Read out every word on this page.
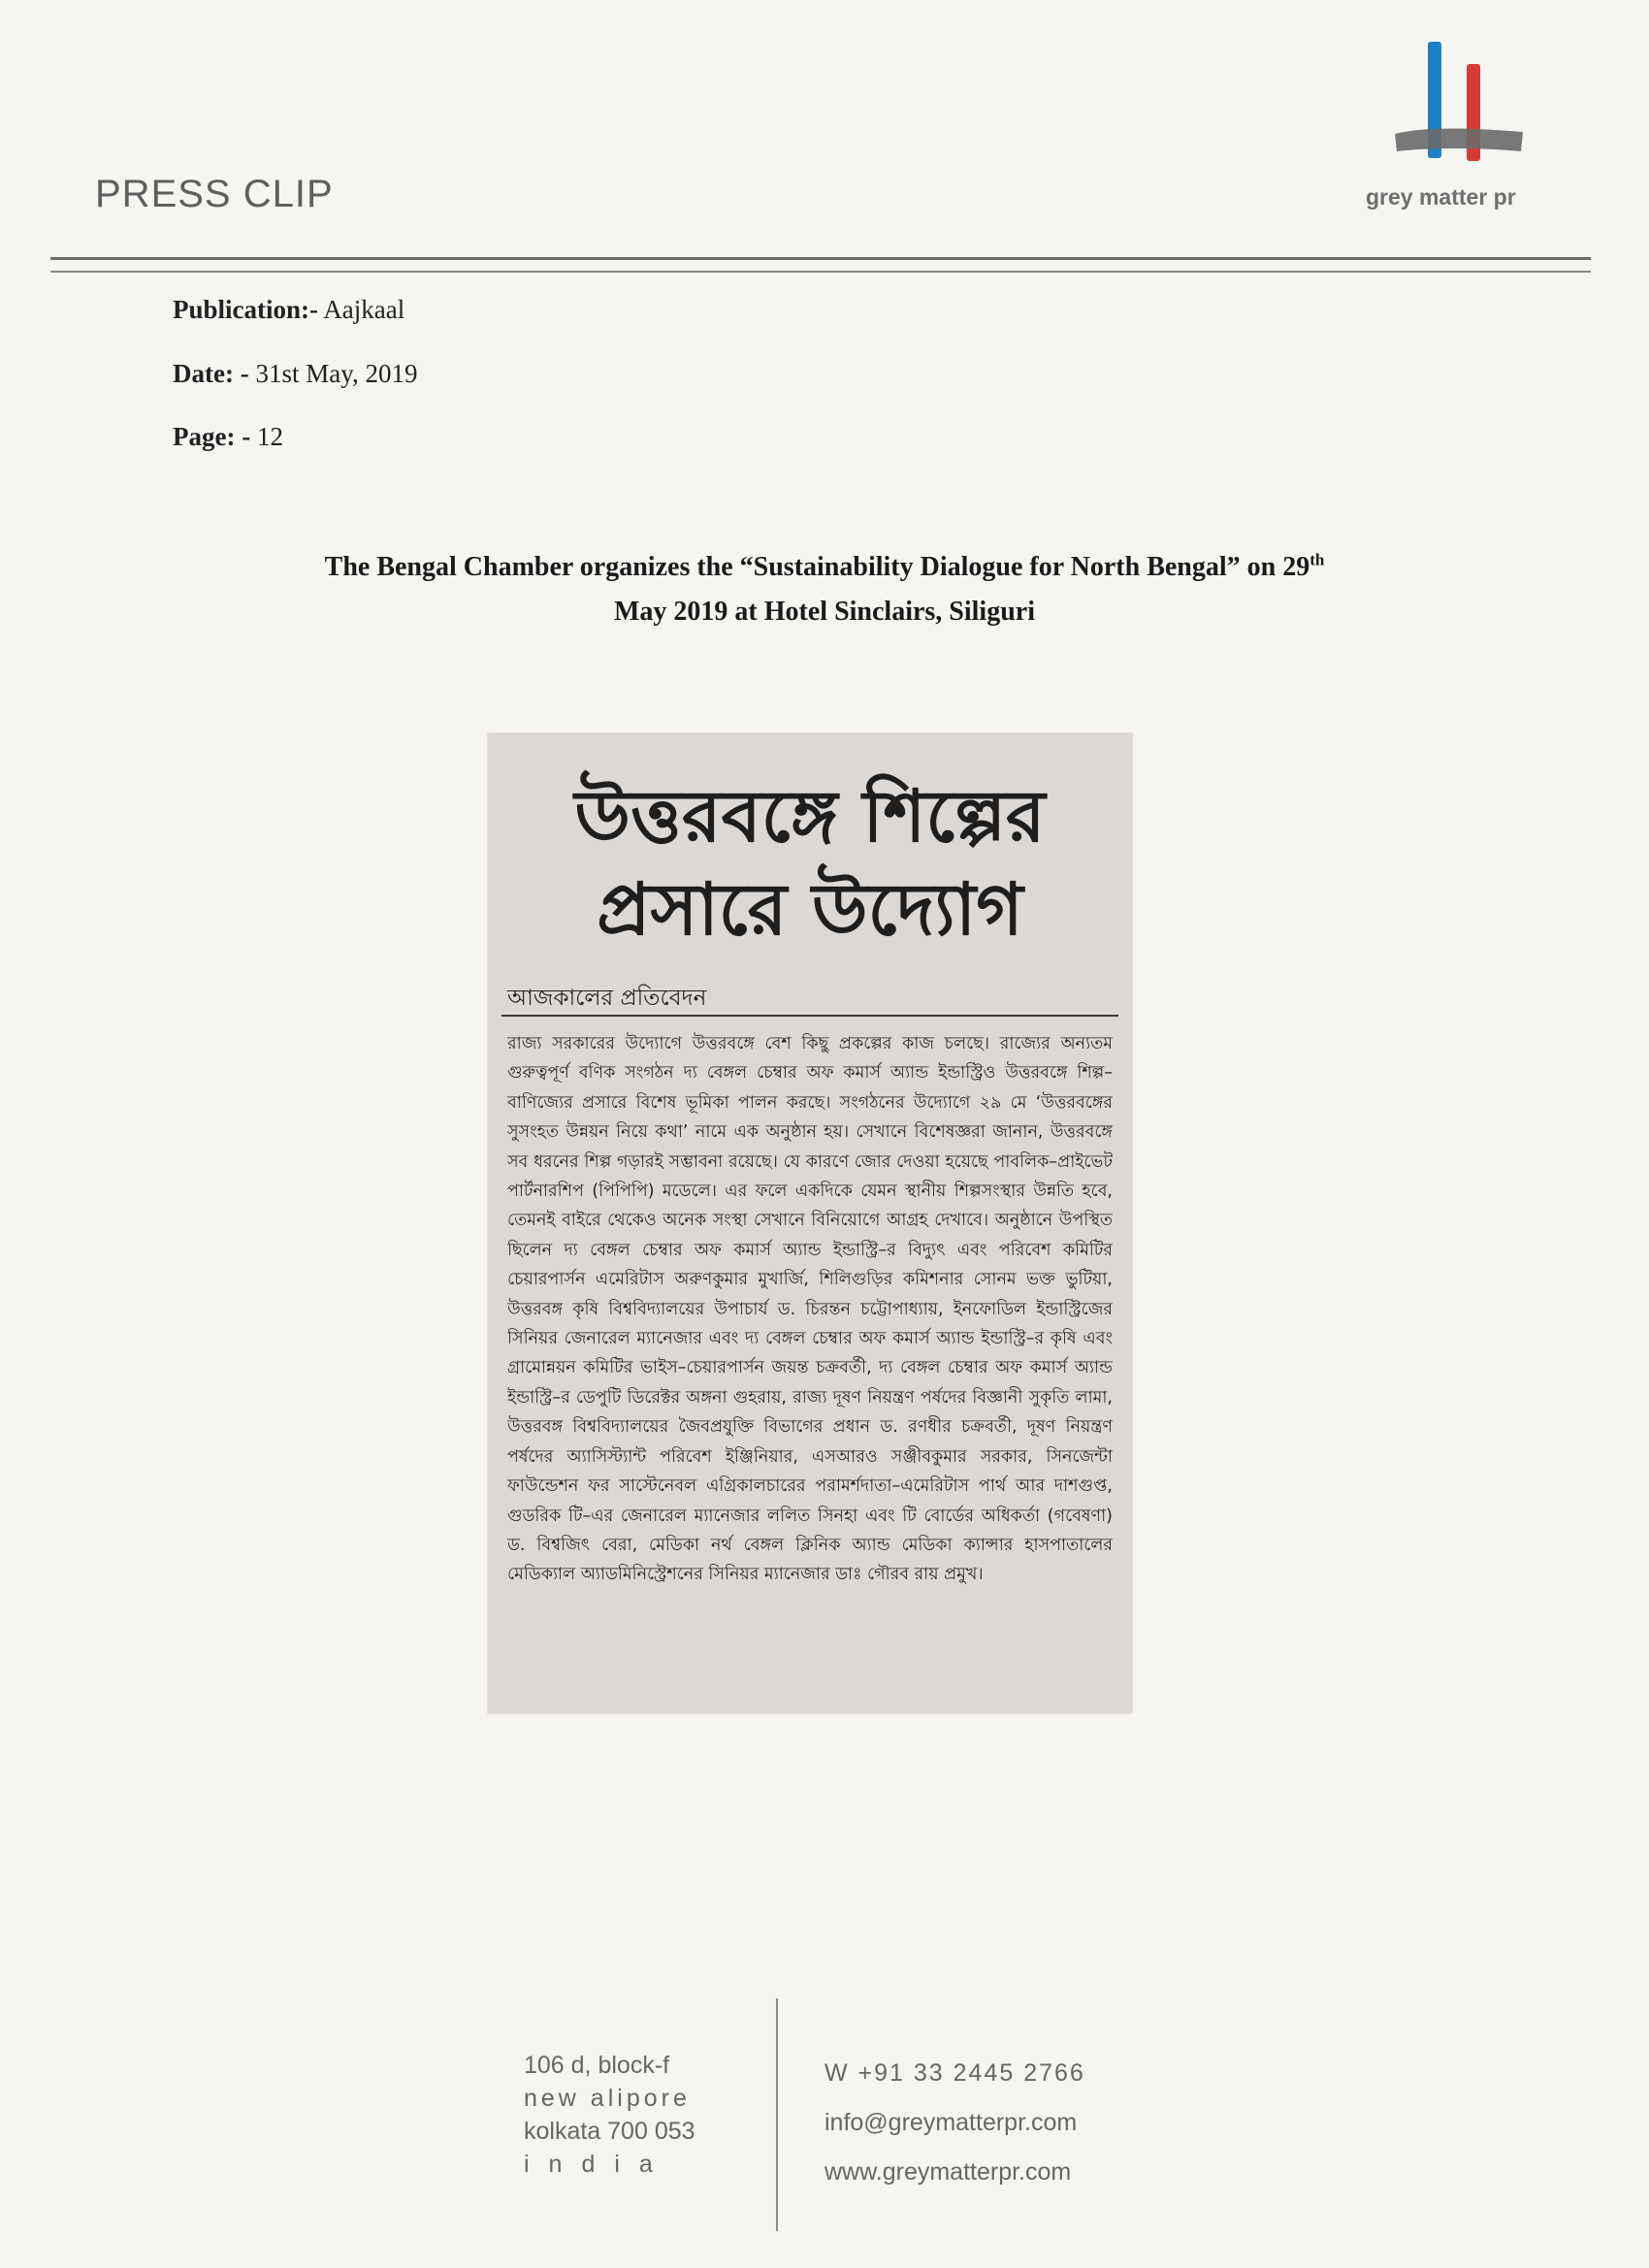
PRESS CLIP	grey matter pr
Publication:- Aajkaal
Date: - 31st May, 2019
Page: - 12
The Bengal Chamber organizes the “Sustainability Dialogue for North Bengal” on 29th
May 2019 at Hotel Sinclairs, Siliguri
উত্তরবঙ্গে শিল্পের
প্রসারে উদ্যোগ
আজকালের প্রতিবেদন
রাজ্য সরকারের উদ্যোগে উত্তরবঙ্গে বেশ কিছু প্রকল্পের কাজ চলছে। রাজ্যের অন্যতম গুরুত্বপূর্ণ বণিক সংগঠন দ্য বেঙ্গল চেম্বার অফ কমার্স অ্যান্ড ইন্ডাস্ট্রিও উত্তরবঙ্গে শিল্প–বাণিজ্যের প্রসারে বিশেষ ভূমিকা পালন করছে। সংগঠনের উদ্যোগে ২৯ মে ‘উত্তরবঙ্গের সুসংহত উন্নয়ন নিয়ে কথা’ নামে এক অনুষ্ঠান হয়। সেখানে বিশেষজ্ঞরা জানান, উত্তরবঙ্গে সব ধরনের শিল্প গড়ারই সম্ভাবনা রয়েছে। যে কারণে জোর দেওয়া হয়েছে পাবলিক–প্রাইভেট পার্টনারশিপ (পিপিপি) মডেলে। এর ফলে একদিকে যেমন স্থানীয় শিল্পসংস্থার উন্নতি হবে, তেমনই বাইরে থেকেও অনেক সংস্থা সেখানে বিনিয়োগে আগ্রহ দেখাবে। অনুষ্ঠানে উপস্থিত ছিলেন দ্য বেঙ্গল চেম্বার অফ কমার্স অ্যান্ড ইন্ডাস্ট্রি–র বিদ্যুৎ এবং পরিবেশ কমিটির চেয়ারপার্সন এমেরিটাস অরুণকুমার মুখার্জি, শিলিগুড়ির কমিশনার সোনম ভক্ত ভুটিয়া, উত্তরবঙ্গ কৃষি বিশ্ববিদ্যালয়ের উপাচার্য ড. চিরন্তন চট্টোপাধ্যায়, ইনফোডিল ইন্ডাস্ট্রিজের সিনিয়র জেনারেল ম্যানেজার এবং দ্য বেঙ্গল চেম্বার অফ কমার্স অ্যান্ড ইন্ডাস্ট্রি–র কৃষি এবং গ্রামোন্নয়ন কমিটির ভাইস–চেয়ারপার্সন জয়ন্ত চক্রবর্তী, দ্য বেঙ্গল চেম্বার অফ কমার্স অ্যান্ড ইন্ডাস্ট্রি–র ডেপুটি ডিরেক্টর অঙ্গনা গুহরায়, রাজ্য দূষণ নিয়ন্ত্রণ পর্ষদের বিজ্ঞানী সুকৃতি লামা, উত্তরবঙ্গ বিশ্ববিদ্যালয়ের জৈবপ্রযুক্তি বিভাগের প্রধান ড. রণধীর চক্রবর্তী, দূষণ নিয়ন্ত্রণ পর্ষদের অ্যাসিস্ট্যান্ট পরিবেশ ইঞ্জিনিয়ার, এসআরও সঞ্জীবকুমার সরকার, সিনজেন্টা ফাউন্ডেশন ফর সাস্টেনেবল এগ্রিকালচারের পরামর্শদাতা–এমেরিটাস পার্থ আর দাশগুপ্ত, গুডরিক টি–এর জেনারেল ম্যানেজার ললিত সিনহা এবং টি বোর্ডের অধিকর্তা (গবেষণা) ড. বিশ্বজিৎ বেরা, মেডিকা নর্থ বেঙ্গল ক্লিনিক অ্যান্ড মেডিকা ক্যান্সার হাসপাতালের মেডিক্যাল অ্যাডমিনিস্ট্রেশনের সিনিয়র ম্যানেজার ডাঃ গৌরব রায় প্রমুখ।
106 d, block-f
new alipore
kolkata 700 053
india
W +91 33 2445 2766
info@greymatterpr.com
www.greymatterpr.com
